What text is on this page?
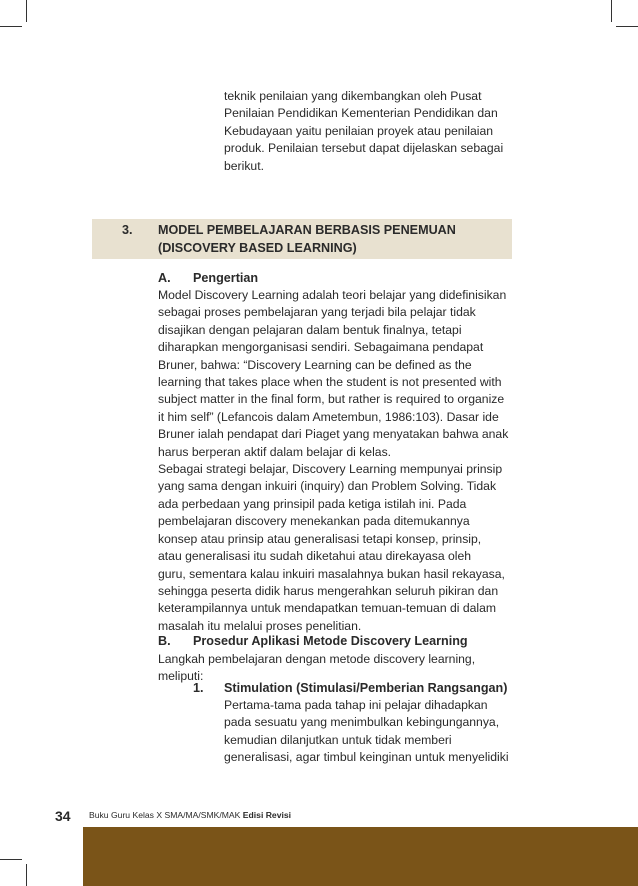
teknik penilaian yang dikembangkan oleh Pusat
Penilaian Pendidikan Kementerian Pendidikan dan
Kebudayaan yaitu penilaian proyek atau penilaian
produk. Penilaian tersebut dapat dijelaskan sebagai
berikut.
3. MODEL PEMBELAJARAN BERBASIS PENEMUAN
(DISCOVERY BASED LEARNING)
A. Pengertian
Model Discovery Learning adalah teori belajar yang didefinisikan
sebagai proses pembelajaran yang terjadi bila pelajar tidak
disajikan dengan pelajaran dalam bentuk finalnya, tetapi
diharapkan mengorganisasi sendiri. Sebagaimana pendapat
Bruner, bahwa: “Discovery Learning can be defined as the
learning that takes place when the student is not presented with
subject matter in the final form, but rather is required to organize
it him self” (Lefancois dalam Ametembun, 1986:103). Dasar ide
Bruner ialah pendapat dari Piaget yang menyatakan bahwa anak
harus berperan aktif dalam belajar di kelas.
Sebagai strategi belajar, Discovery Learning mempunyai prinsip
yang sama dengan inkuiri (inquiry) dan Problem Solving. Tidak
ada perbedaan yang prinsipil pada ketiga istilah ini. Pada
pembelajaran discovery menekankan pada ditemukannya
konsep atau prinsip atau generalisasi tetapi konsep, prinsip,
atau generalisasi itu sudah diketahui atau direkayasa oleh
guru, sementara kalau inkuiri masalahnya bukan hasil rekayasa,
sehingga peserta didik harus mengerahkan seluruh pikiran dan
keterampilannya untuk mendapatkan temuan-temuan di dalam
masalah itu melalui proses penelitian.
B. Prosedur Aplikasi Metode Discovery Learning
Langkah pembelajaran dengan metode discovery learning, meliputi:
1. Stimulation (Stimulasi/Pemberian Rangsangan)
Pertama-tama pada tahap ini pelajar dihadapkan
pada sesuatu yang menimbulkan kebingungannya,
kemudian dilanjutkan untuk tidak memberi
generalisasi, agar timbul keinginan untuk menyelidiki
34 Buku Guru Kelas X SMA/MA/SMK/MAK Edisi Revisi
